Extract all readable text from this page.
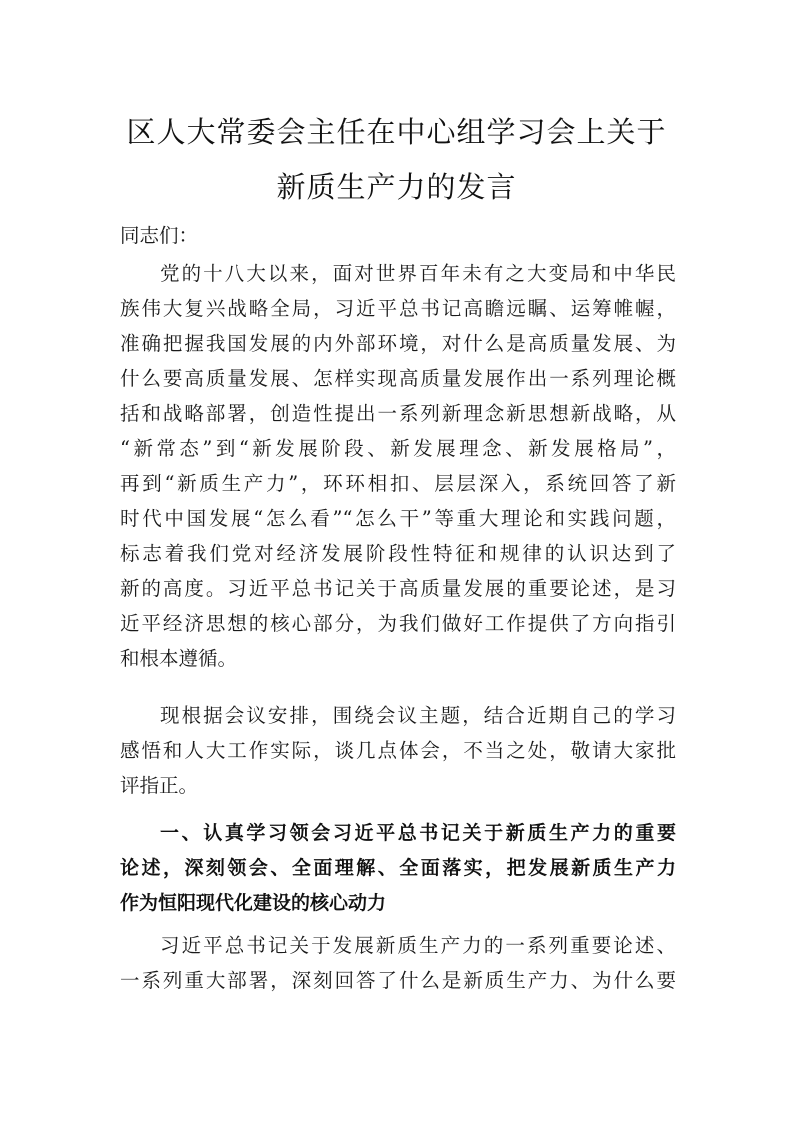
区人大常委会主任在中心组学习会上关于
新质生产力的发言
同志们：
党的十八大以来，面对世界百年未有之大变局和中华民
族伟大复兴战略全局，习近平总书记高瞻远瞩、运筹帷幄，
准确把握我国发展的内外部环境，对什么是高质量发展、为
什么要高质量发展、怎样实现高质量发展作出一系列理论概
括和战略部署，创造性提出一系列新理念新思想新战略，从
“新常态”到“新发展阶段、新发展理念、新发展格局”，
再到“新质生产力”，环环相扣、层层深入，系统回答了新
时代中国发展“怎么看”“怎么干”等重大理论和实践问题，
标志着我们党对经济发展阶段性特征和规律的认识达到了
新的高度。习近平总书记关于高质量发展的重要论述，是习
近平经济思想的核心部分，为我们做好工作提供了方向指引
和根本遵循。
现根据会议安排，围绕会议主题，结合近期自己的学习
感悟和人大工作实际，谈几点体会，不当之处，敬请大家批
评指正。
一、认真学习领会习近平总书记关于新质生产力的重要
论述，深刻领会、全面理解、全面落实，把发展新质生产力
作为恒阳现代化建设的核心动力
习近平总书记关于发展新质生产力的一系列重要论述、
一系列重大部署，深刻回答了什么是新质生产力、为什么要
